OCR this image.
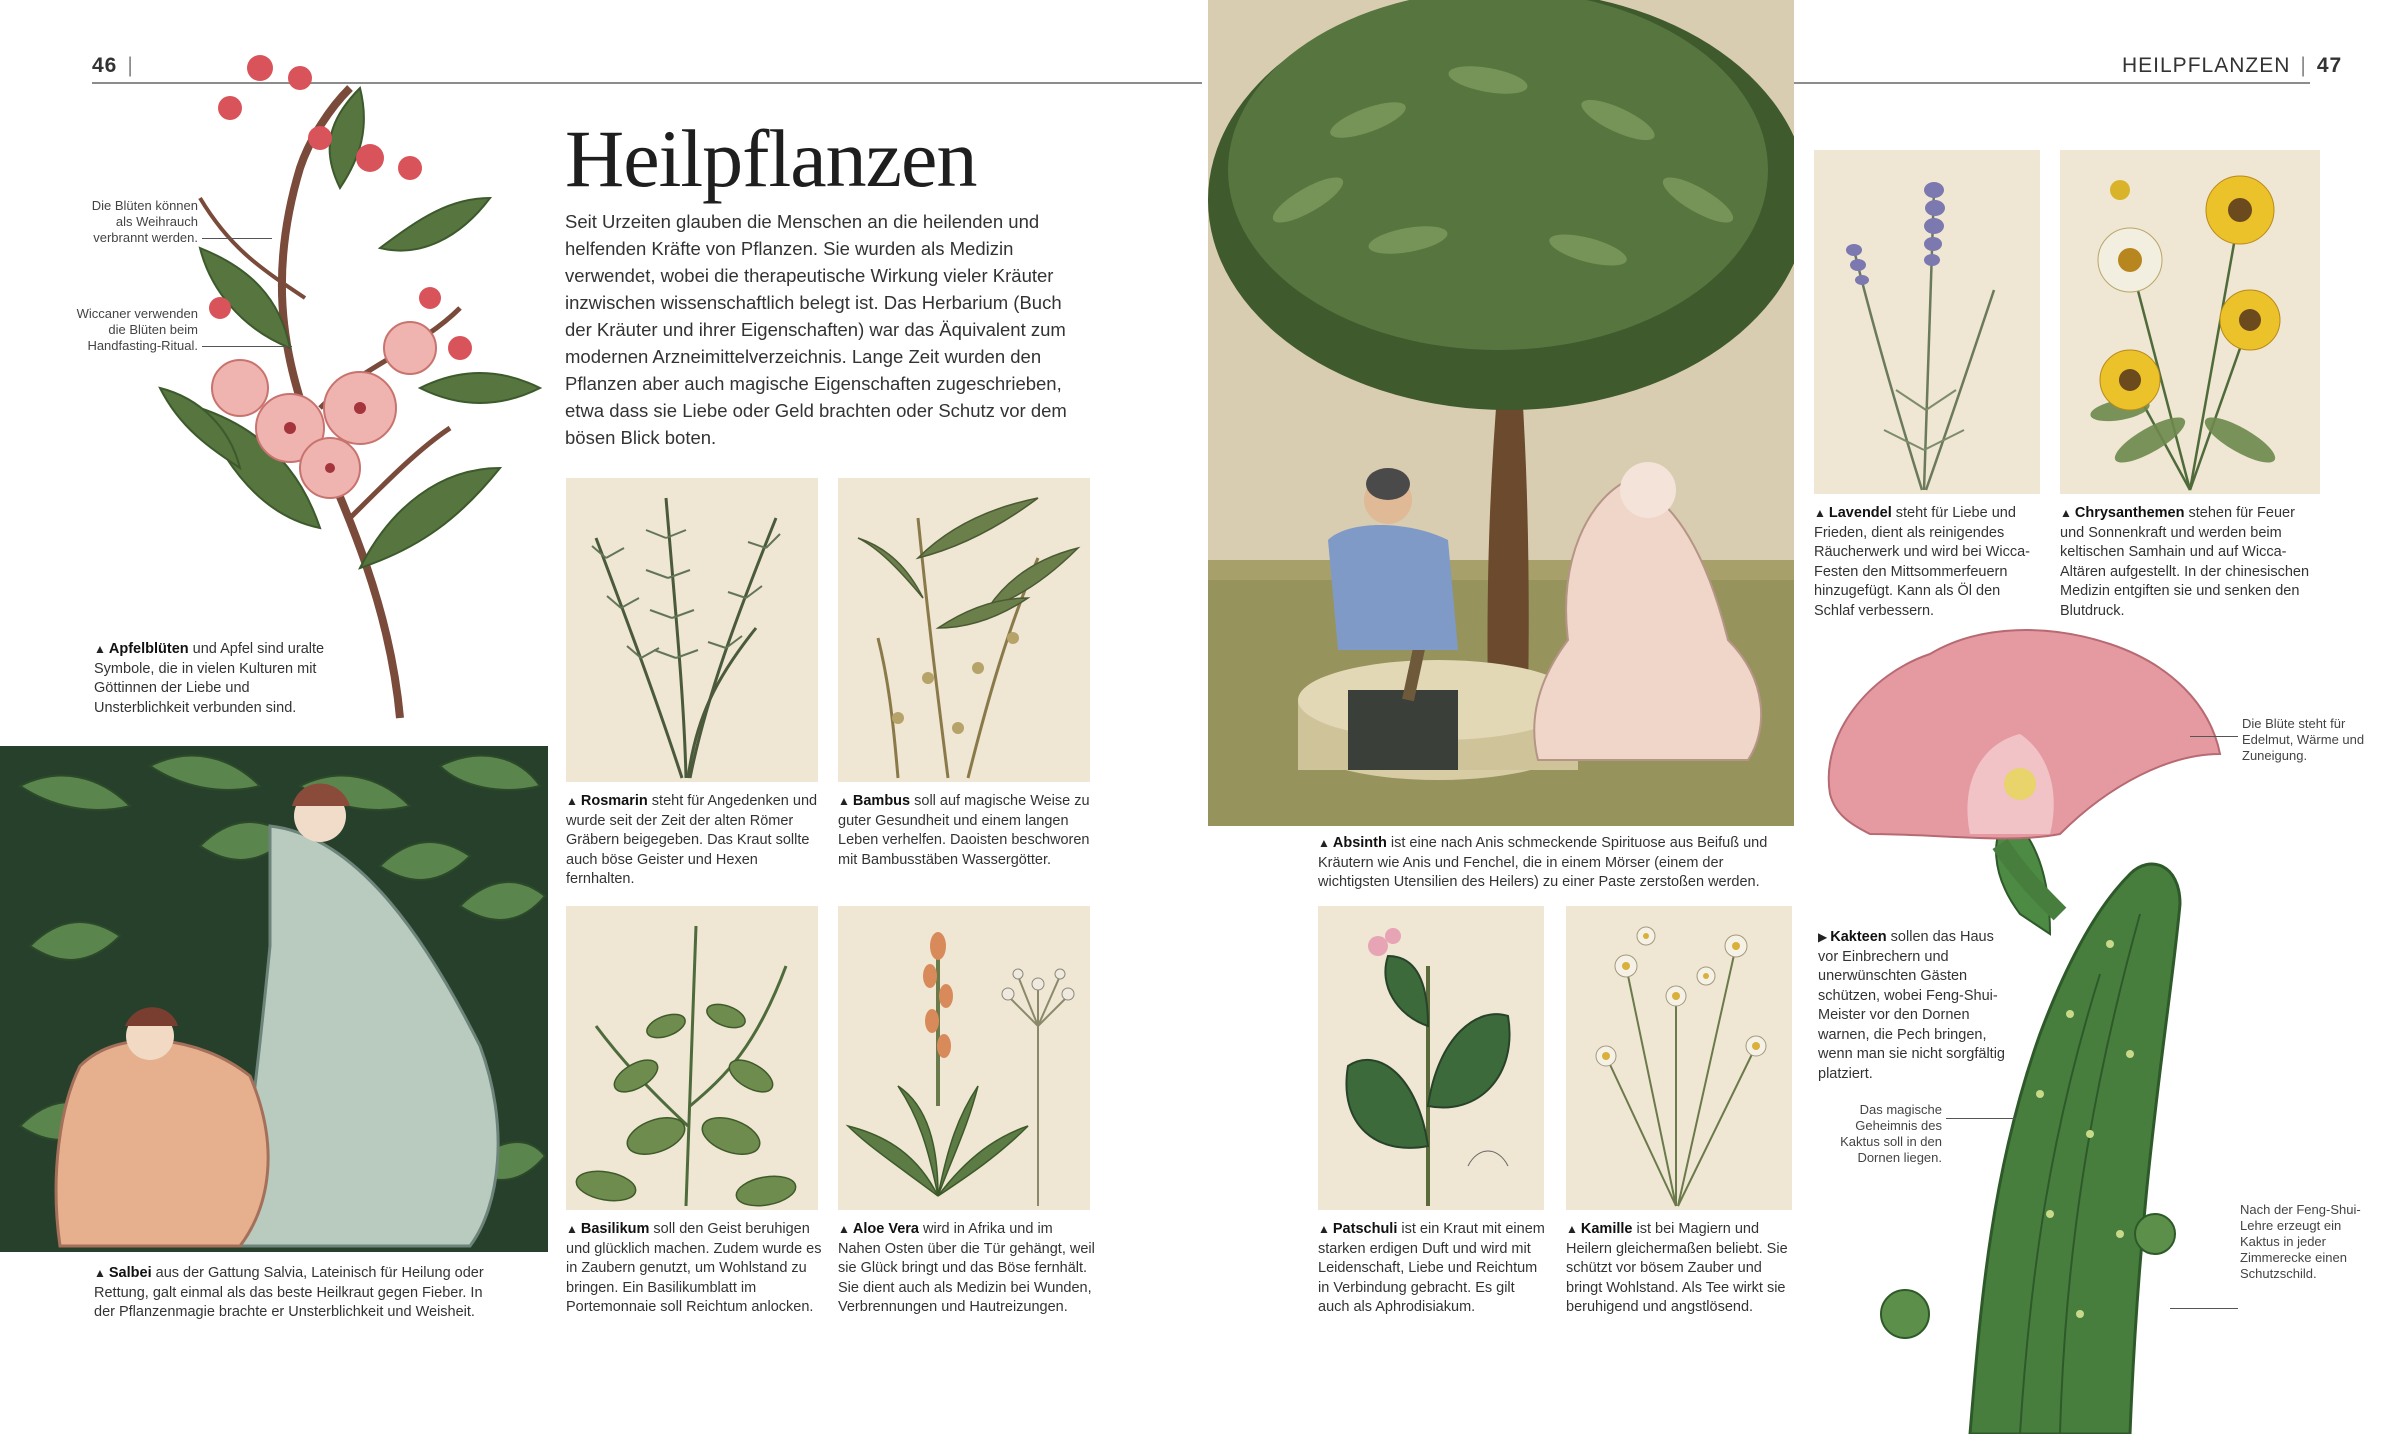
46 |	HEILPFLANZEN | 47
Heilpflanzen

Seit Urzeiten glauben die Menschen an die heilenden und helfenden Kräfte von Pflanzen. Sie wurden als Medizin verwendet, wobei die therapeutische Wirkung vieler Kräuter inzwischen wissenschaftlich belegt ist. Das Herbarium (Buch der Kräuter und ihrer Eigenschaften) war das Äquivalent zum modernen Arzneimittelverzeichnis. Lange Zeit wurden den Pflanzen aber auch magische Eigenschaften zugeschrieben, etwa dass sie Liebe oder Geld brachten oder Schutz vor dem bösen Blick boten.

Die Blüten können als Weihrauch verbrannt werden.
Wiccaner verwenden die Blüten beim Handfasting-Ritual.
▲ Apfelblüten und Apfel sind uralte Symbole, die in vielen Kulturen mit Göttinnen der Liebe und Unsterblichkeit verbunden sind.
▲ Salbei aus der Gattung Salvia, Lateinisch für Heilung oder Rettung, galt einmal als das beste Heilkraut gegen Fieber. In der Pflanzenmagie brachte er Unsterblichkeit und Weisheit.
▲ Rosmarin steht für Angedenken und wurde seit der Zeit der alten Römer Gräbern beigegeben. Das Kraut sollte auch böse Geister und Hexen fernhalten.
▲ Bambus soll auf magische Weise zu guter Gesundheit und einem langen Leben verhelfen. Daoisten beschworen mit Bambusstäben Wassergötter.
▲ Basilikum soll den Geist beruhigen und glücklich machen. Zudem wurde es in Zaubern genutzt, um Wohlstand zu bringen. Ein Basilikumblatt im Portemonnaie soll Reichtum anlocken.
▲ Aloe Vera wird in Afrika und im Nahen Osten über die Tür gehängt, weil sie Glück bringt und das Böse fernhält. Sie dient auch als Medizin bei Wunden, Verbrennungen und Hautreizungen.
▲ Absinth ist eine nach Anis schmeckende Spirituose aus Beifuß und Kräutern wie Anis und Fenchel, die in einem Mörser (einem der wichtigsten Utensilien des Heilers) zu einer Paste zerstoßen werden.
▲ Lavendel steht für Liebe und Frieden, dient als reinigendes Räucherwerk und wird bei Wicca-Festen den Mittsommerfeuern hinzugefügt. Kann als Öl den Schlaf verbessern.
▲ Chrysanthemen stehen für Feuer und Sonnenkraft und werden beim keltischen Samhain und auf Wicca-Altären aufgestellt. In der chinesischen Medizin entgiften sie und senken den Blutdruck.
Die Blüte steht für Edelmut, Wärme und Zuneigung.
▶ Kakteen sollen das Haus vor Einbrechern und unerwünschten Gästen schützen, wobei Feng-Shui-Meister vor den Dornen warnen, die Pech bringen, wenn man sie nicht sorgfältig platziert.
Das magische Geheimnis des Kaktus soll in den Dornen liegen.
Nach der Feng-Shui-Lehre erzeugt ein Kaktus in jeder Zimmerecke einen Schutzschild.
▲ Patschuli ist ein Kraut mit einem starken erdigen Duft und wird mit Leidenschaft, Liebe und Reichtum in Verbindung gebracht. Es gilt auch als Aphrodisiakum.
▲ Kamille ist bei Magiern und Heilern gleichermaßen beliebt. Sie schützt vor bösem Zauber und bringt Wohlstand. Als Tee wirkt sie beruhigend und angstlösend.
